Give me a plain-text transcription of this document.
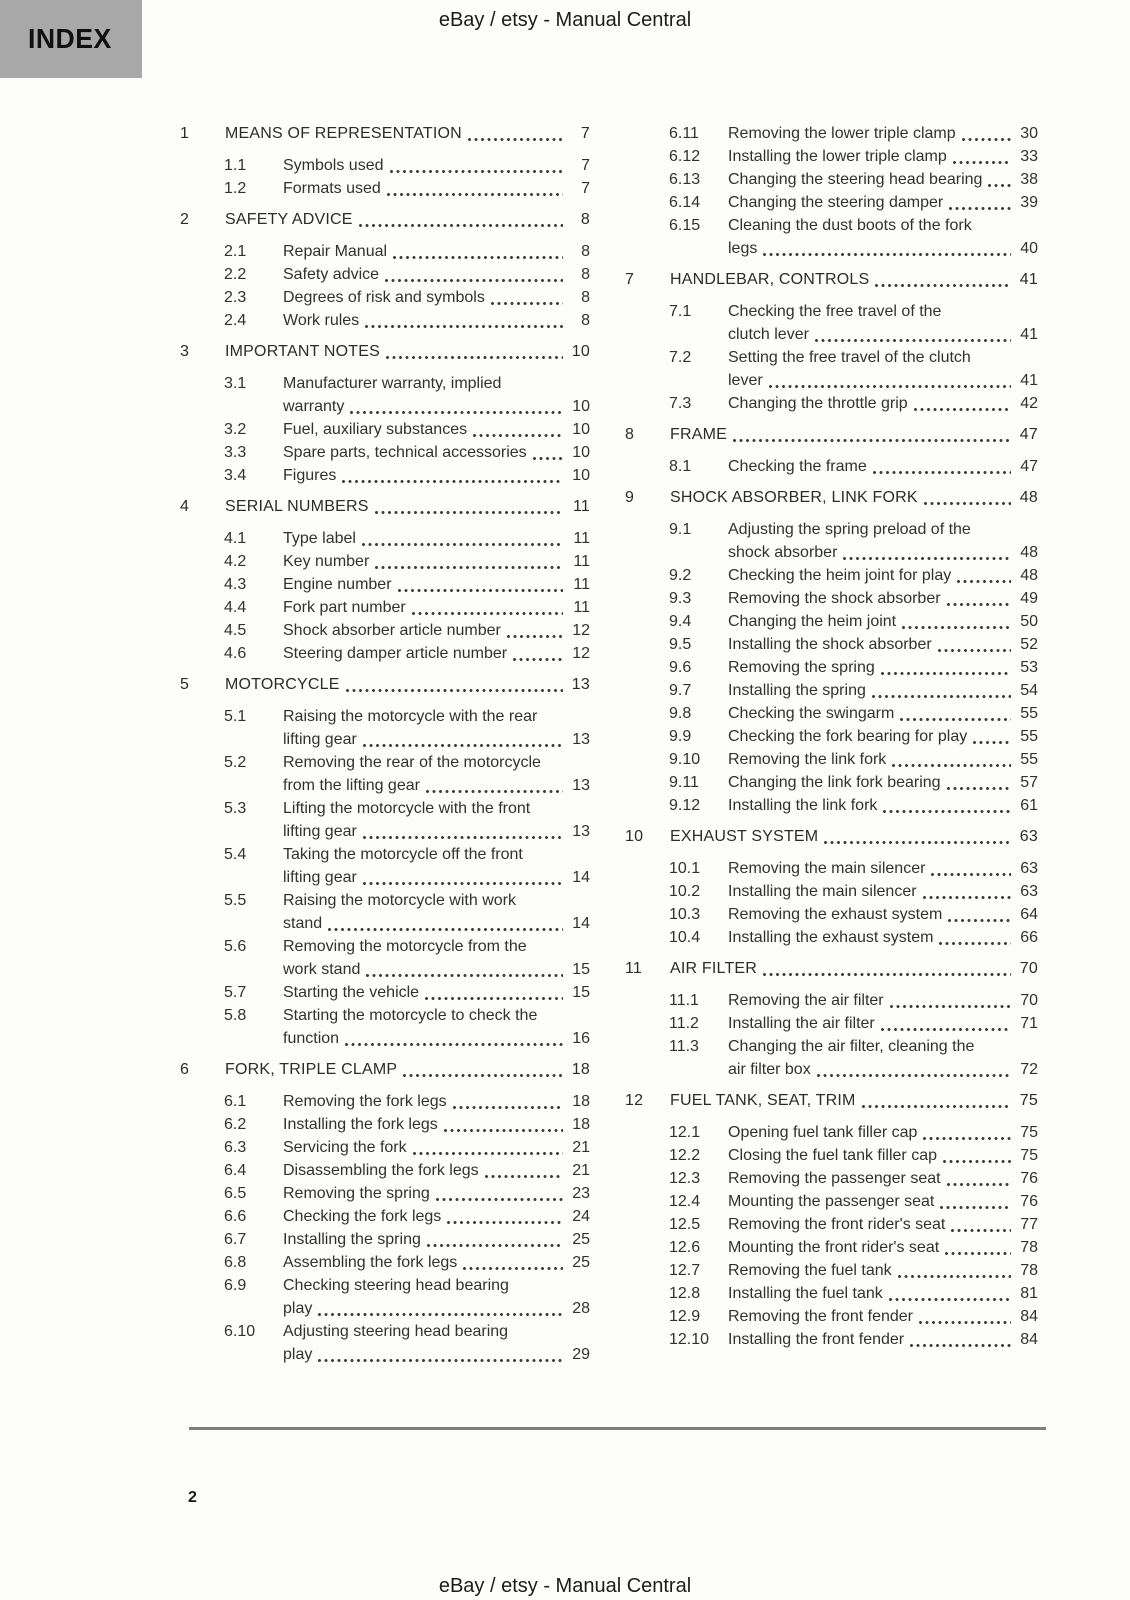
INDEX
eBay / etsy - Manual Central
1	MEANS OF REPRESENTATION	7
1.1	Symbols used	7
1.2	Formats used	7
2	SAFETY ADVICE	8
2.1	Repair Manual	8
2.2	Safety advice	8
2.3	Degrees of risk and symbols	8
2.4	Work rules	8
3	IMPORTANT NOTES	10
3.1	Manufacturer warranty, implied
warranty	10
3.2	Fuel, auxiliary substances	10
3.3	Spare parts, technical accessories	10
3.4	Figures	10
4	SERIAL NUMBERS	11
4.1	Type label	11
4.2	Key number	11
4.3	Engine number	11
4.4	Fork part number	11
4.5	Shock absorber article number	12
4.6	Steering damper article number	12
5	MOTORCYCLE	13
5.1	Raising the motorcycle with the rear
lifting gear	13
5.2	Removing the rear of the motorcycle
from the lifting gear	13
5.3	Lifting the motorcycle with the front
lifting gear	13
5.4	Taking the motorcycle off the front
lifting gear	14
5.5	Raising the motorcycle with work
stand	14
5.6	Removing the motorcycle from the
work stand	15
5.7	Starting the vehicle	15
5.8	Starting the motorcycle to check the
function	16
6	FORK, TRIPLE CLAMP	18
6.1	Removing the fork legs	18
6.2	Installing the fork legs	18
6.3	Servicing the fork	21
6.4	Disassembling the fork legs	21
6.5	Removing the spring	23
6.6	Checking the fork legs	24
6.7	Installing the spring	25
6.8	Assembling the fork legs	25
6.9	Checking steering head bearing
play	28
6.10	Adjusting steering head bearing
play	29
6.11	Removing the lower triple clamp	30
6.12	Installing the lower triple clamp	33
6.13	Changing the steering head bearing 38
6.14	Changing the steering damper	39
6.15	Cleaning the dust boots of the fork
legs	40
7	HANDLEBAR, CONTROLS	41
7.1	Checking the free travel of the
clutch lever	41
7.2	Setting the free travel of the clutch
lever	41
7.3	Changing the throttle grip	42
8	FRAME	47
8.1	Checking the frame	47
9	SHOCK ABSORBER, LINK FORK	48
9.1	Adjusting the spring preload of the
shock absorber	48
9.2	Checking the heim joint for play	48
9.3	Removing the shock absorber	49
9.4	Changing the heim joint	50
9.5	Installing the shock absorber	52
9.6	Removing the spring	53
9.7	Installing the spring	54
9.8	Checking the swingarm	55
9.9	Checking the fork bearing for play	55
9.10	Removing the link fork	55
9.11	Changing the link fork bearing	57
9.12	Installing the link fork	61
10	EXHAUST SYSTEM	63
10.1	Removing the main silencer	63
10.2	Installing the main silencer	63
10.3	Removing the exhaust system	64
10.4	Installing the exhaust system	66
11	AIR FILTER	70
11.1	Removing the air filter	70
11.2	Installing the air filter	71
11.3	Changing the air filter, cleaning the
air filter box	72
12	FUEL TANK, SEAT, TRIM	75
12.1	Opening fuel tank filler cap	75
12.2	Closing the fuel tank filler cap	75
12.3	Removing the passenger seat	76
12.4	Mounting the passenger seat	76
12.5	Removing the front rider's seat	77
12.6	Mounting the front rider's seat	78
12.7	Removing the fuel tank	78
12.8	Installing the fuel tank	81
12.9	Removing the front fender	84
12.10	Installing the front fender	84
2
eBay / etsy - Manual Central
